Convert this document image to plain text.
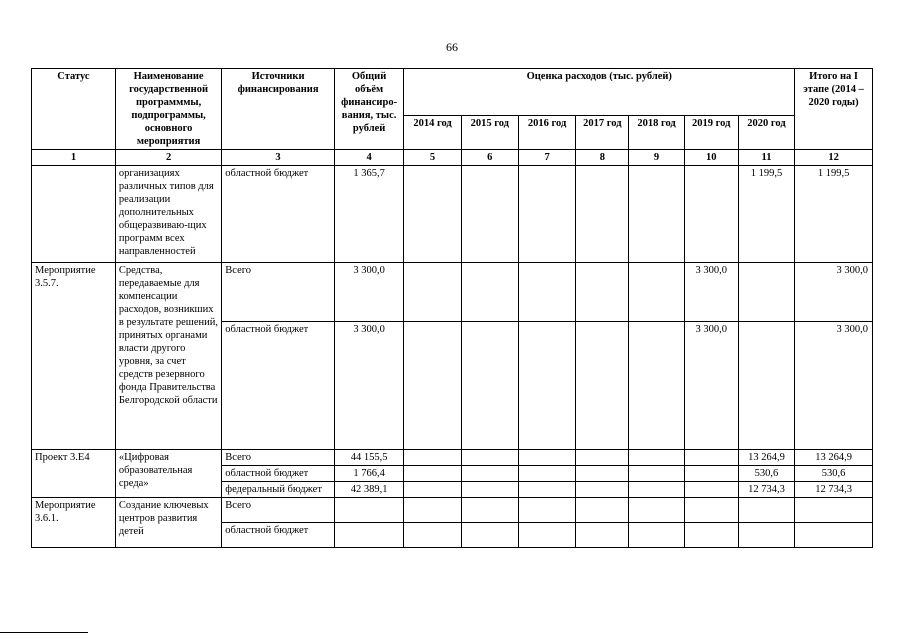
66
Статус	Наименование государственной программмы, подпрограммы, основного мероприятия	Источники финансирования	Общий объём финансиро-вания, тыс. рублей	Оценка расходов (тыс. рублей)							Итого на I этапе (2014 – 2020 годы)
				2014 год	2015 год	2016 год	2017 год	2018 год	2019 год	2020 год	
1	2	3	4	5	6	7	8	9	10	11	12
	организациях различных типов для реализации дополнительных общеразвиваю-щих программ всех направленностей	областной бюджет	1 365,7							1 199,5	1 199,5
Мероприятие 3.5.7.	Средства, передаваемые для компенсации расходов, возникших в результате решений, принятых органами власти другого уровня, за счет средств резервного фонда Правительства Белгородской области	Всего	3 300,0						3 300,0		3 300,0
		областной бюджет	3 300,0						3 300,0		3 300,0
Проект 3.Е4	«Цифровая образовательная среда»	Всего	44 155,5							13 264,9	13 264,9
		областной бюджет	1 766,4							530,6	530,6
		федеральный бюджет	42 389,1							12 734,3	12 734,3
Мероприятие 3.6.1.	Создание ключевых центров развития детей	Всего									
		областной бюджет									
